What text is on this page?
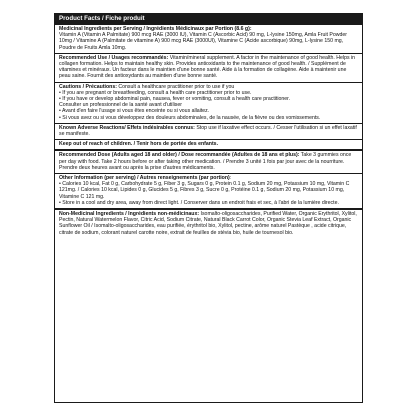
Product Facts / Fiche produit
Medicinal Ingredients per Serving / Ingrédients Médicinaux par Portion (8.6 g):
Vitamin A (Vitamin A Palmitate) 900 mcg RAE (3000 IU), Vitamin C (Ascorbic Acid) 90 mg, L-lysine 150mg, Amla Fruit Powder 10mg / Vitamine A (Palmitate de vitamine A) 900 mcg RAE (3000UI), Vitamine C (Acide ascorbique) 90mg, L-lysine 150 mg, Poudre de Fruits Amla 10mg.
Recommended Use / Usages recommandés: Vitamin/mineral supplement. A factor in the maintenance of good health. Helps in collagen formation. Helps to maintain healthy skin. Provides antioxidants to the maintenance of good health. / Supplément de vitamines et minéraux. Un facteur dans le maintien d'une bonne santé. Aide à la formation de collagène. Aide à maintenir une peau saine. Fournit des antioxydants au maintien d'une bonne santé.

Cautions / Précautions: Consult a healthcare practitioner prior to use if you

• If you are pregnant or breastfeeding, consult a health care practitioner prior to use.

• If you have or develop abdominal pain, nausea, fever or vomiting, consult a health care practitioner.

Consulter un professionnel de la santé avant d'utiliser

• Avant d'en faire l'usage si vous êtes enceinte ou si vous allaitez.

• Si vous avez ou si vous développez des douleurs abdominales, de la nausée, de la fièvre ou des vomissements.

Known Adverse Reactions/ Effets indésirables connus: Stop use if laxative effect occurs. / Cesser l'utilisation si un effet laxatif se manifeste.
Keep out of reach of children. / Tenir hors de portée des enfants.
Recommended Dose (Adults aged 18 and older) / Dose recommandée (Adultes de 18 ans et plus): Take 3 gummies once per day with food. Take 2 hours before or after taking other medication. / Prendre 3 unité 1 fois par jour avec de la nourriture. Prendre deux heures avant ou après la prise d'autres médicaments.

Other Information (per serving) / Autres renseignements (par portion):

• Calories 10 kcal, Fat 0 g, Carbohydrate 5 g, Fiber 3 g, Sugars 0 g, Protein 0.1 g, Sodium 20 mg, Potassium 10 mg, Vitamin C 121mg. / Calories 10 kcal, Lipides 0 g, Glucides 5 g, Fibres 3 g, Sucre 0 g, Protéine 0.1 g, Sodium 20 mg, Potassium 10 mg, Vitamine C 121 mg.

• Store in a cool and dry area, away from direct light. / Conserver dans un endroit frais et sec, à l'abri de la lumière directe.

Non-Medicinal Ingredients / Ingrédients non-médicinaux: Isomalto-oligosaccharides, Purified Water, Organic Erythritol, Xylitol, Pectin, Natural Watermelon Flavor, Citric Acid, Sodium Citrate, Natural Black Carrot Color, Organic Stevia Leaf Extract, Organic Sunflower Oil / Isomalto-oligosaccharides, eau purifiée, érythritol bio, Xylitol, pectine, arôme naturel Pastèque , acide citrique, citrate de sodium, colorant naturel carotte noire, extrait de feuilles de stévia bio, huile de tournesol bio.
